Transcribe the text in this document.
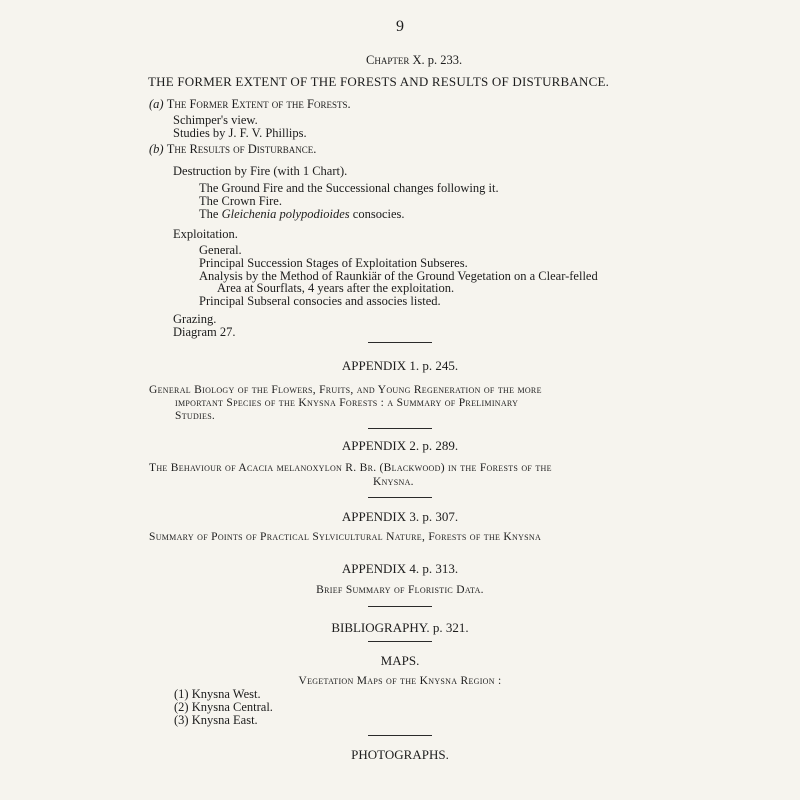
9
Chapter X. p. 233.
THE FORMER EXTENT OF THE FORESTS AND RESULTS OF DISTURBANCE.
(a) The Former Extent of the Forests.
Schimper's view.
Studies by J. F. V. Phillips.
(b) The Results of Disturbance.
Destruction by Fire (with 1 Chart).
The Ground Fire and the Successional changes following it.
The Crown Fire.
The Gleichenia polypodioides consocies.
Exploitation.
General.
Principal Succession Stages of Exploitation Subseres.
Analysis by the Method of Raunkiär of the Ground Vegetation on a Clear-felled
Area at Sourflats, 4 years after the exploitation.
Principal Subseral consocies and associes listed.
Grazing.
Diagram 27.
APPENDIX 1. p. 245.
General Biology of the Flowers, Fruits, and Young Regeneration of the more
important Species of the Knysna Forests : a Summary of Preliminary
Studies.
APPENDIX 2. p. 289.
The Behaviour of Acacia melanoxylon R. Br. (Blackwood) in the Forests of the
Knysna.
APPENDIX 3. p. 307.
Summary of Points of Practical Sylvicultural Nature, Forests of the Knysna
APPENDIX 4. p. 313.
Brief Summary of Floristic Data.
BIBLIOGRAPHY. p. 321.
MAPS.
Vegetation Maps of the Knysna Region :
(1) Knysna West.
(2) Knysna Central.
(3) Knysna East.
PHOTOGRAPHS.
